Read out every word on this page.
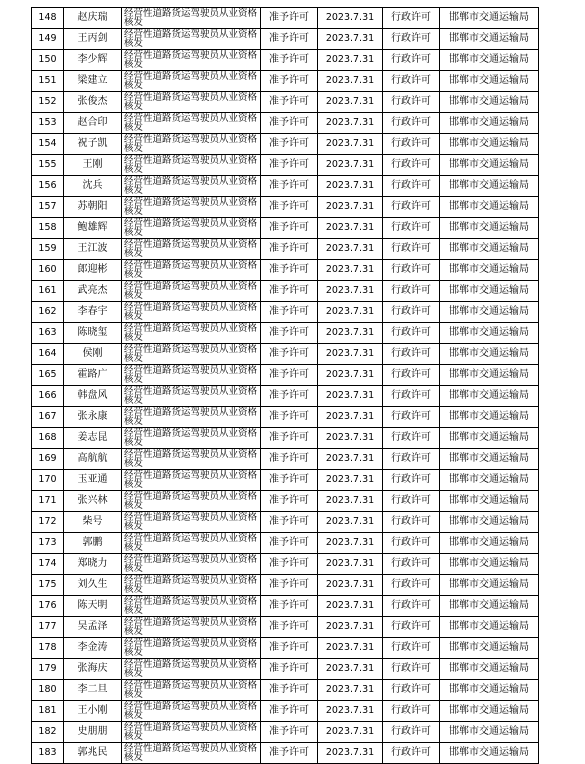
148	赵庆瑞	经营性道路货运驾驶员从业资格核发	准予许可	2023.7.31	行政许可	邯郸市交通运输局
149	王丙剑	经营性道路货运驾驶员从业资格核发	准予许可	2023.7.31	行政许可	邯郸市交通运输局
150	李少辉	经营性道路货运驾驶员从业资格核发	准予许可	2023.7.31	行政许可	邯郸市交通运输局
151	梁建立	经营性道路货运驾驶员从业资格核发	准予许可	2023.7.31	行政许可	邯郸市交通运输局
152	张俊杰	经营性道路货运驾驶员从业资格核发	准予许可	2023.7.31	行政许可	邯郸市交通运输局
153	赵合印	经营性道路货运驾驶员从业资格核发	准予许可	2023.7.31	行政许可	邯郸市交通运输局
154	祝子凯	经营性道路货运驾驶员从业资格核发	准予许可	2023.7.31	行政许可	邯郸市交通运输局
155	王刚	经营性道路货运驾驶员从业资格核发	准予许可	2023.7.31	行政许可	邯郸市交通运输局
156	沈兵	经营性道路货运驾驶员从业资格核发	准予许可	2023.7.31	行政许可	邯郸市交通运输局
157	苏朝阳	经营性道路货运驾驶员从业资格核发	准予许可	2023.7.31	行政许可	邯郸市交通运输局
158	鲍雄辉	经营性道路货运驾驶员从业资格核发	准予许可	2023.7.31	行政许可	邯郸市交通运输局
159	王江波	经营性道路货运驾驶员从业资格核发	准予许可	2023.7.31	行政许可	邯郸市交通运输局
160	郎迎彬	经营性道路货运驾驶员从业资格核发	准予许可	2023.7.31	行政许可	邯郸市交通运输局
161	武亮杰	经营性道路货运驾驶员从业资格核发	准予许可	2023.7.31	行政许可	邯郸市交通运输局
162	李春宇	经营性道路货运驾驶员从业资格核发	准予许可	2023.7.31	行政许可	邯郸市交通运输局
163	陈晓玺	经营性道路货运驾驶员从业资格核发	准予许可	2023.7.31	行政许可	邯郸市交通运输局
164	侯刚	经营性道路货运驾驶员从业资格核发	准予许可	2023.7.31	行政许可	邯郸市交通运输局
165	霍路广	经营性道路货运驾驶员从业资格核发	准予许可	2023.7.31	行政许可	邯郸市交通运输局
166	韩盘风	经营性道路货运驾驶员从业资格核发	准予许可	2023.7.31	行政许可	邯郸市交通运输局
167	张永康	经营性道路货运驾驶员从业资格核发	准予许可	2023.7.31	行政许可	邯郸市交通运输局
168	姜志昆	经营性道路货运驾驶员从业资格核发	准予许可	2023.7.31	行政许可	邯郸市交通运输局
169	高航航	经营性道路货运驾驶员从业资格核发	准予许可	2023.7.31	行政许可	邯郸市交通运输局
170	玉亚通	经营性道路货运驾驶员从业资格核发	准予许可	2023.7.31	行政许可	邯郸市交通运输局
171	张兴林	经营性道路货运驾驶员从业资格核发	准予许可	2023.7.31	行政许可	邯郸市交通运输局
172	柴号	经营性道路货运驾驶员从业资格核发	准予许可	2023.7.31	行政许可	邯郸市交通运输局
173	郭鹏	经营性道路货运驾驶员从业资格核发	准予许可	2023.7.31	行政许可	邯郸市交通运输局
174	郑晓力	经营性道路货运驾驶员从业资格核发	准予许可	2023.7.31	行政许可	邯郸市交通运输局
175	刘久生	经营性道路货运驾驶员从业资格核发	准予许可	2023.7.31	行政许可	邯郸市交通运输局
176	陈天明	经营性道路货运驾驶员从业资格核发	准予许可	2023.7.31	行政许可	邯郸市交通运输局
177	吴孟泽	经营性道路货运驾驶员从业资格核发	准予许可	2023.7.31	行政许可	邯郸市交通运输局
178	李金涛	经营性道路货运驾驶员从业资格核发	准予许可	2023.7.31	行政许可	邯郸市交通运输局
179	张海庆	经营性道路货运驾驶员从业资格核发	准予许可	2023.7.31	行政许可	邯郸市交通运输局
180	李二旦	经营性道路货运驾驶员从业资格核发	准予许可	2023.7.31	行政许可	邯郸市交通运输局
181	王小刚	经营性道路货运驾驶员从业资格核发	准予许可	2023.7.31	行政许可	邯郸市交通运输局
182	史朋朋	经营性道路货运驾驶员从业资格核发	准予许可	2023.7.31	行政许可	邯郸市交通运输局
183	郭兆民	经营性道路货运驾驶员从业资格核发	准予许可	2023.7.31	行政许可	邯郸市交通运输局
